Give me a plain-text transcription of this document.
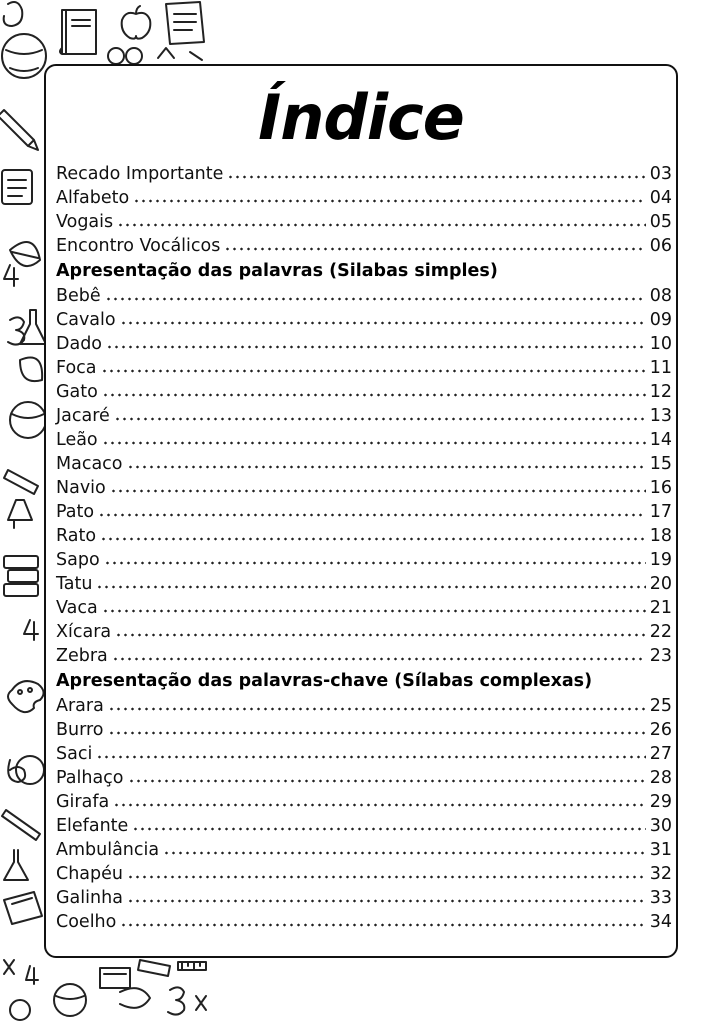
Índice
Recado Importante	03
Alfabeto	04
Vogais	05
Encontro Vocálicos	06
Apresentação das palavras (Silabas simples)
Bebê	08
Cavalo	09
Dado	10
Foca	11
Gato	12
Jacaré	13
Leão	14
Macaco	15
Navio	16
Pato	17
Rato	18
Sapo	19
Tatu	20
Vaca	21
Xícara	22
Zebra	23
Apresentação das palavras-chave (Sílabas complexas)
Arara	25
Burro	26
Saci	27
Palhaço	28
Girafa	29
Elefante	30
Ambulância	31
Chapéu	32
Galinha	33
Coelho	34
